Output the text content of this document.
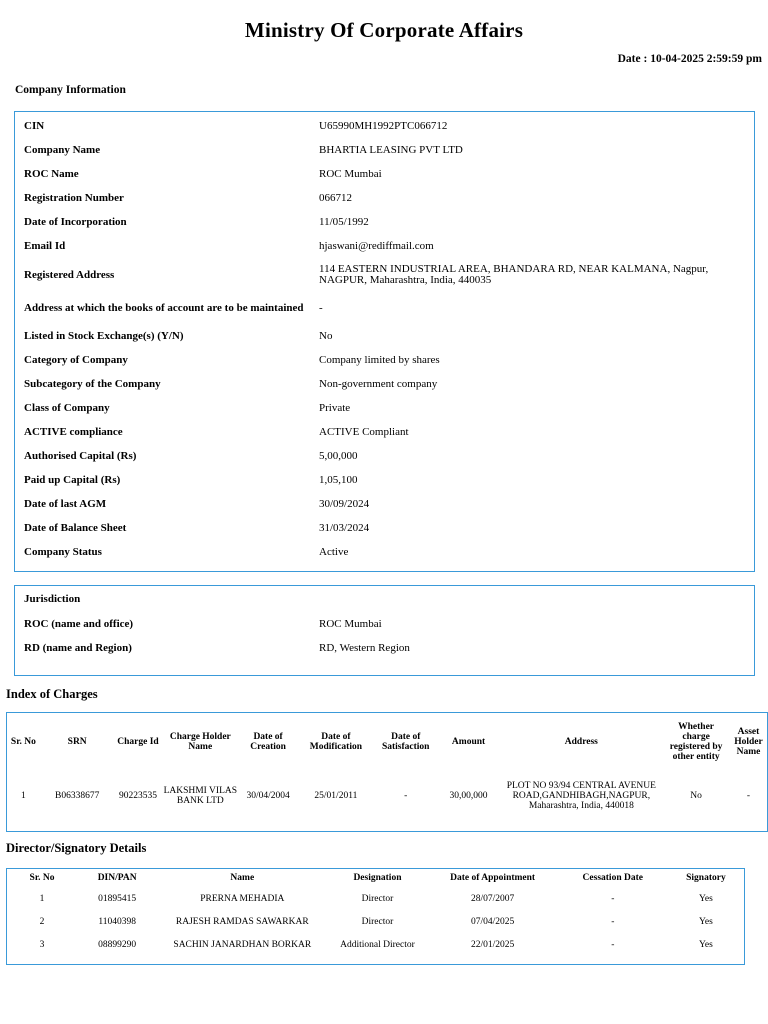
Ministry Of Corporate Affairs
Date : 10-04-2025 2:59:59 pm
Company Information
CIN	U65990MH1992PTC066712
Company Name	BHARTIA LEASING PVT LTD
ROC Name	ROC Mumbai
Registration Number	066712
Date of Incorporation	11/05/1992
Email Id	hjaswani@rediffmail.com
Registered Address	114 EASTERN INDUSTRIAL AREA, BHANDARA RD, NEAR KALMANA, Nagpur, NAGPUR, Maharashtra, India, 440035
Address at which the books of account are to be maintained	-
Listed in Stock Exchange(s) (Y/N)	No
Category of Company	Company limited by shares
Subcategory of the Company	Non-government company
Class of Company	Private
ACTIVE compliance	ACTIVE Compliant
Authorised Capital (Rs)	5,00,000
Paid up Capital (Rs)	1,05,100
Date of last AGM	30/09/2024
Date of Balance Sheet	31/03/2024
Company Status	Active
Jurisdiction	
ROC (name and office)	ROC Mumbai
RD (name and Region)	RD, Western Region
Index of Charges
Sr. No	SRN	Charge Id	Charge Holder Name	Date of Creation	Date of Modification	Date of Satisfaction	Amount	Address	Whether charge registered by other entity	Asset Holder Name
1	B06338677	90223535	LAKSHMI VILAS BANK LTD	30/04/2004	25/01/2011	-	30,00,000	PLOT NO 93/94 CENTRAL AVENUE ROAD,GANDHIBAGH,NAGPUR, Maharashtra, India, 440018	No	-
Director/Signatory Details
Sr. No	DIN/PAN	Name	Designation	Date of Appointment	Cessation Date	Signatory
1	01895415	PRERNA MEHADIA	Director	28/07/2007	-	Yes
2	11040398	RAJESH RAMDAS SAWARKAR	Director	07/04/2025	-	Yes
3	08899290	SACHIN JANARDHAN BORKAR	Additional Director	22/01/2025	-	Yes
